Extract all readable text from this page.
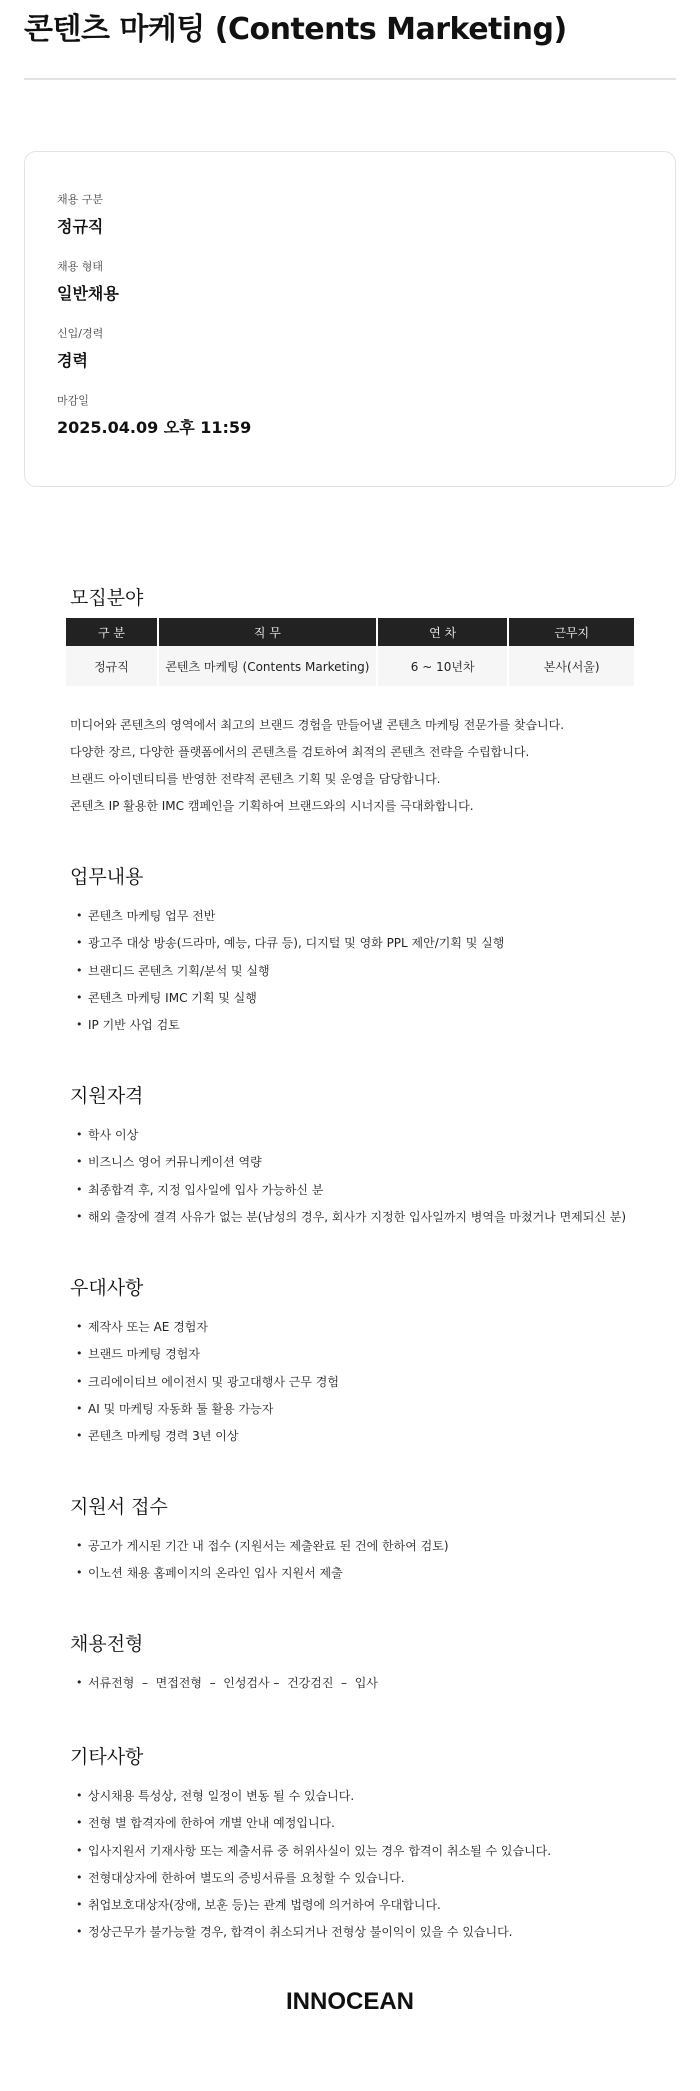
콘텐츠 마케팅 (Contents Marketing)
채용 구분
정규직
채용 형태
일반채용
신입/경력
경력
마감일
2025.04.09 오후 11:59
모집분야
구 분	직 무	연 차	근무지
정규직	콘텐츠 마케팅 (Contents Marketing)	6 ~ 10년차	본사(서울)

미디어와 콘텐츠의 영역에서 최고의 브랜드 경험을 만들어낼 콘텐츠 마케팅 전문가를 찾습니다.

다양한 장르, 다양한 플랫폼에서의 콘텐츠를 검토하여 최적의 콘텐츠 전략을 수립합니다.

브랜드 아이덴티티를 반영한 전략적 콘텐츠 기획 및 운영을 담당합니다.

콘텐츠 IP 활용한 IMC 캠페인을 기획하여 브랜드와의 시너지를 극대화합니다.

업무내용
• 콘텐츠 마케팅 업무 전반
• 광고주 대상 방송(드라마, 예능, 다큐 등), 디지털 및 영화 PPL 제안/기획 및 실행
• 브랜디드 콘텐츠 기획/분석 및 실행
• 콘텐츠 마케팅 IMC 기획 및 실행
• IP 기반 사업 검토
지원자격
• 학사 이상
• 비즈니스 영어 커뮤니케이션 역량
• 최종합격 후, 지정 입사일에 입사 가능하신 분
• 해외 출장에 결격 사유가 없는 분(남성의 경우, 회사가 지정한 입사일까지 병역을 마쳤거나 면제되신 분)
우대사항
• 제작사 또는 AE 경험자
• 브랜드 마케팅 경험자
• 크리에이티브 에이전시 및 광고대행사 근무 경험
• AI 및 마케팅 자동화 툴 활용 가능자
• 콘텐츠 마케팅 경력 3년 이상
지원서 접수
• 공고가 게시된 기간 내 접수 (지원서는 제출완료 된 건에 한하여 검토)
• 이노션 채용 홈페이지의 온라인 입사 지원서 제출
채용전형
• 서류전형  –  면접전형  –  인성검사 –  건강검진  –  입사
기타사항
• 상시채용 특성상, 전형 일정이 변동 될 수 있습니다.
• 전형 별 합격자에 한하여 개별 안내 예정입니다.
• 입사지원서 기재사항 또는 제출서류 중 허위사실이 있는 경우 합격이 취소될 수 있습니다.
• 전형대상자에 한하여 별도의 증빙서류를 요청할 수 있습니다.
• 취업보호대상자(장애, 보훈 등)는 관계 법령에 의거하여 우대합니다.
• 정상근무가 불가능할 경우, 합격이 취소되거나 전형상 불이익이 있을 수 있습니다.
INNOCEAN
